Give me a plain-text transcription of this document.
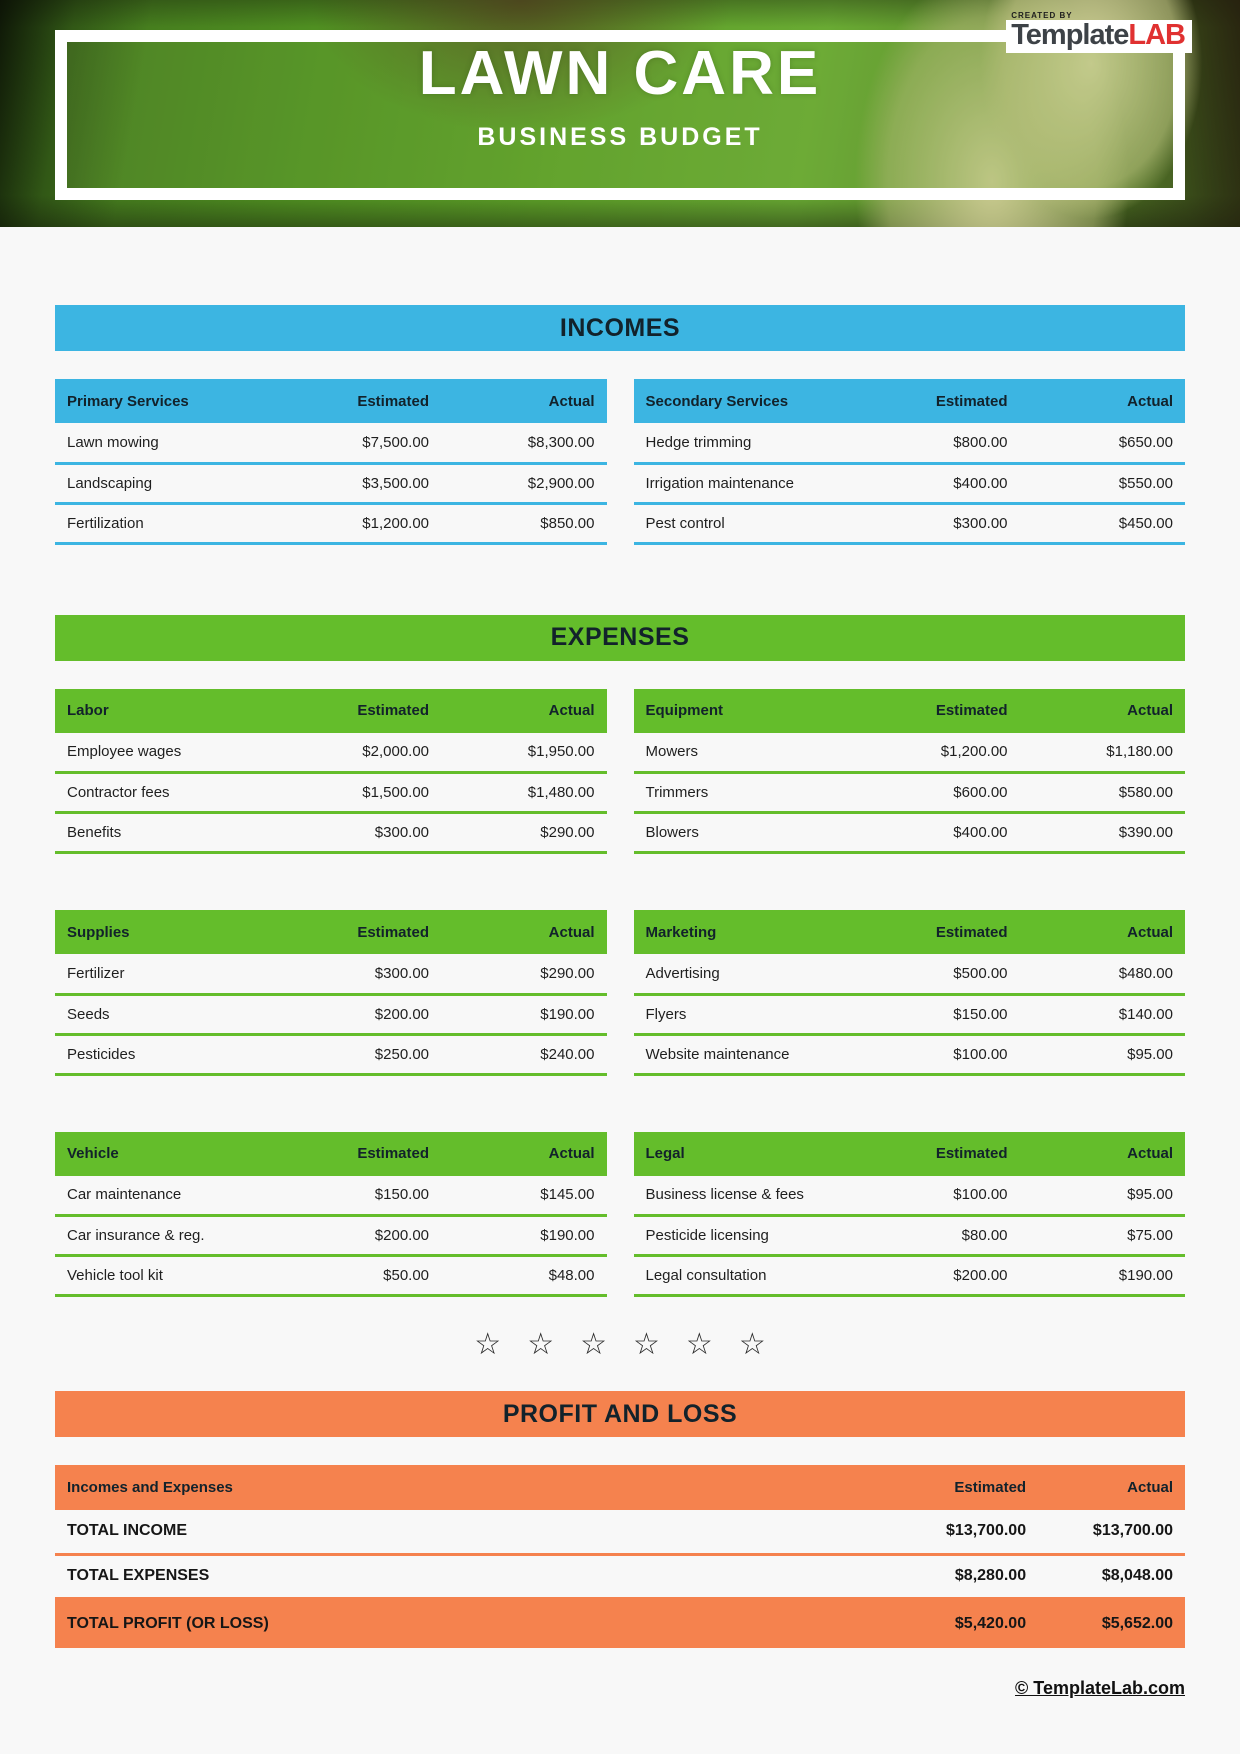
LAWN CARE
BUSINESS BUDGET
CREATED BY
TemplateLAB
INCOMES
Primary Services	Estimated	Actual
Lawn mowing	$7,500.00	$8,300.00
Landscaping	$3,500.00	$2,900.00
Fertilization	$1,200.00	$850.00
Secondary Services	Estimated	Actual
Hedge trimming	$800.00	$650.00
Irrigation maintenance	$400.00	$550.00
Pest control	$300.00	$450.00
EXPENSES
Labor	Estimated	Actual
Employee wages	$2,000.00	$1,950.00
Contractor fees	$1,500.00	$1,480.00
Benefits	$300.00	$290.00
Equipment	Estimated	Actual
Mowers	$1,200.00	$1,180.00
Trimmers	$600.00	$580.00
Blowers	$400.00	$390.00
Supplies	Estimated	Actual
Fertilizer	$300.00	$290.00
Seeds	$200.00	$190.00
Pesticides	$250.00	$240.00
Marketing	Estimated	Actual
Advertising	$500.00	$480.00
Flyers	$150.00	$140.00
Website maintenance	$100.00	$95.00
Vehicle	Estimated	Actual
Car maintenance	$150.00	$145.00
Car insurance & reg.	$200.00	$190.00
Vehicle tool kit	$50.00	$48.00
Legal	Estimated	Actual
Business license & fees	$100.00	$95.00
Pesticide licensing	$80.00	$75.00
Legal consultation	$200.00	$190.00
☆☆☆☆☆☆
PROFIT AND LOSS
Incomes and Expenses	Estimated	Actual
TOTAL INCOME	$13,700.00	$13,700.00
TOTAL EXPENSES	$8,280.00	$8,048.00
TOTAL PROFIT (OR LOSS)	$5,420.00	$5,652.00
© TemplateLab.com
